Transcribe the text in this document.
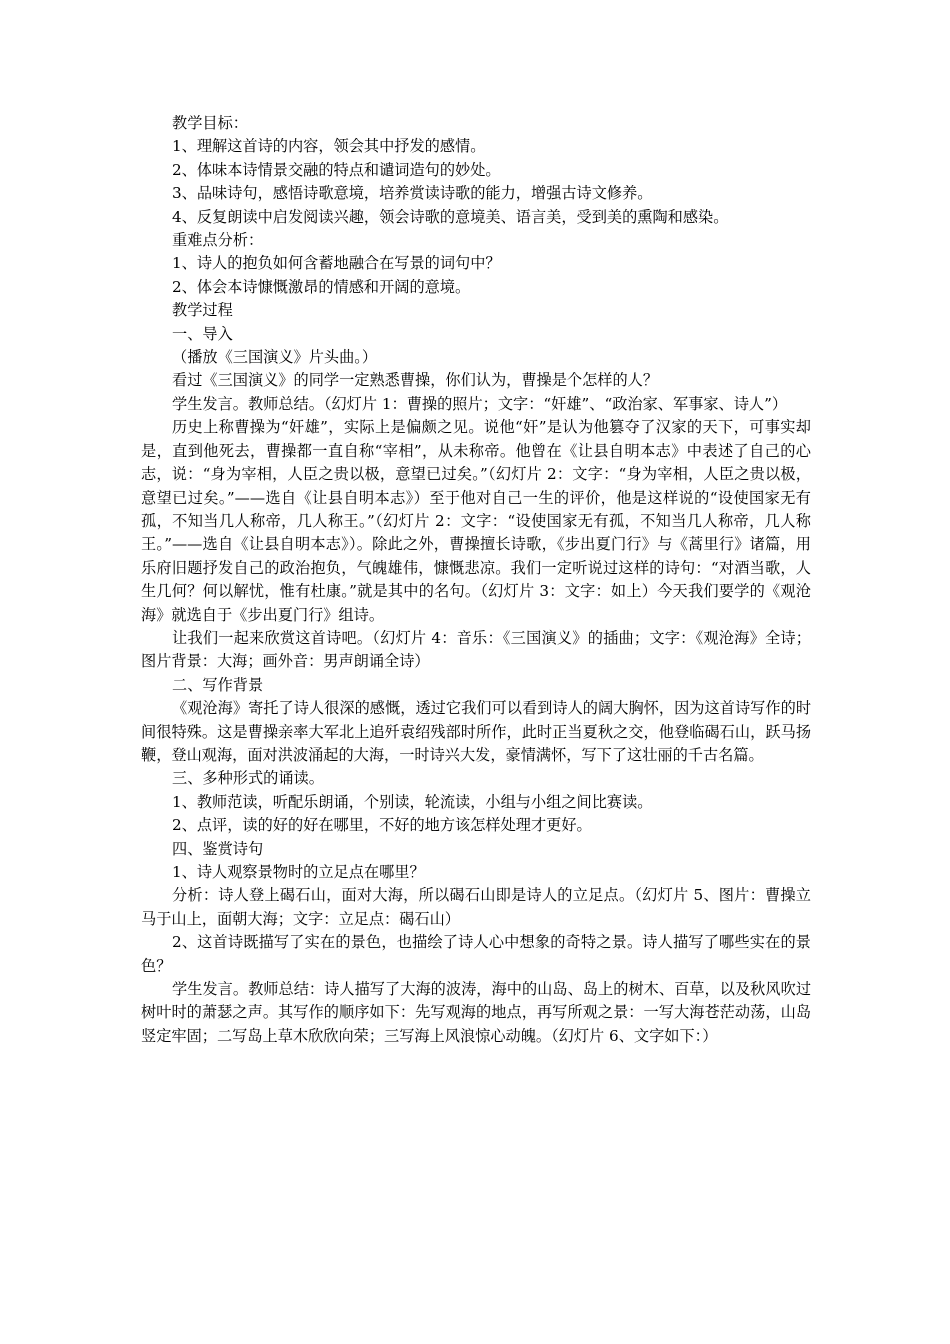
教学目标：

1、理解这首诗的内容，领会其中抒发的感情。

2、体味本诗情景交融的特点和谴词造句的妙处。

3、品味诗句，感悟诗歌意境，培养赏读诗歌的能力，增强古诗文修养。

4、反复朗读中启发阅读兴趣，领会诗歌的意境美、语言美，受到美的熏陶和感染。

重难点分析：

1、诗人的抱负如何含蓄地融合在写景的词句中？

2、体会本诗慷慨激昂的情感和开阔的意境。

教学过程

一、导入

（播放《三国演义》片头曲。）

看过《三国演义》的同学一定熟悉曹操，你们认为，曹操是个怎样的人？

学生发言。教师总结。（幻灯片 1：曹操的照片；文字：“奸雄”、“政治家、军事家、诗人”）

历史上称曹操为“奸雄”，实际上是偏颇之见。说他“奸”是认为他篡夺了汉家的天下，可事实却是，直到他死去，曹操都一直自称“宰相”，从未称帝。他曾在《让县自明本志》中表述了自己的心志，说：“身为宰相，人臣之贵以极，意望已过矣。”（幻灯片 2：文字：“身为宰相，人臣之贵以极，意望已过矣。”——选自《让县自明本志》）至于他对自己一生的评价，他是这样说的“设使国家无有孤，不知当几人称帝，几人称王。”（幻灯片 2：文字：“设使国家无有孤，不知当几人称帝，几人称王。”——选自《让县自明本志》）。除此之外，曹操擅长诗歌，《步出夏门行》与《蒿里行》诸篇，用乐府旧题抒发自己的政治抱负，气魄雄伟，慷慨悲凉。我们一定听说过这样的诗句：“对酒当歌，人生几何？何以解忧，惟有杜康。”就是其中的名句。（幻灯片 3：文字：如上）今天我们要学的《观沧海》就选自于《步出夏门行》组诗。

让我们一起来欣赏这首诗吧。（幻灯片 4：音乐：《三国演义》的插曲；文字：《观沧海》全诗；图片背景：大海；画外音：男声朗诵全诗）

二、写作背景

《观沧海》寄托了诗人很深的感慨，透过它我们可以看到诗人的阔大胸怀，因为这首诗写作的时间很特殊。这是曹操亲率大军北上追歼袁绍残部时所作，此时正当夏秋之交，他登临碣石山，跃马扬鞭，登山观海，面对洪波涌起的大海，一时诗兴大发，豪情满怀，写下了这壮丽的千古名篇。

三、多种形式的诵读。

1、教师范读，听配乐朗诵，个别读，轮流读，小组与小组之间比赛读。

2、点评，读的好的好在哪里，不好的地方该怎样处理才更好。

四、鉴赏诗句

1、诗人观察景物时的立足点在哪里？

分析：诗人登上碣石山，面对大海，所以碣石山即是诗人的立足点。（幻灯片 5、图片：曹操立马于山上，面朝大海；文字：立足点：碣石山）

2、这首诗既描写了实在的景色，也描绘了诗人心中想象的奇特之景。诗人描写了哪些实在的景色？

学生发言。教师总结：诗人描写了大海的波涛，海中的山岛、岛上的树木、百草，以及秋风吹过树叶时的萧瑟之声。其写作的顺序如下：先写观海的地点，再写所观之景：一写大海苍茫动荡，山岛竖定牢固；二写岛上草木欣欣向荣；三写海上风浪惊心动魄。（幻灯片 6、文字如下：）
